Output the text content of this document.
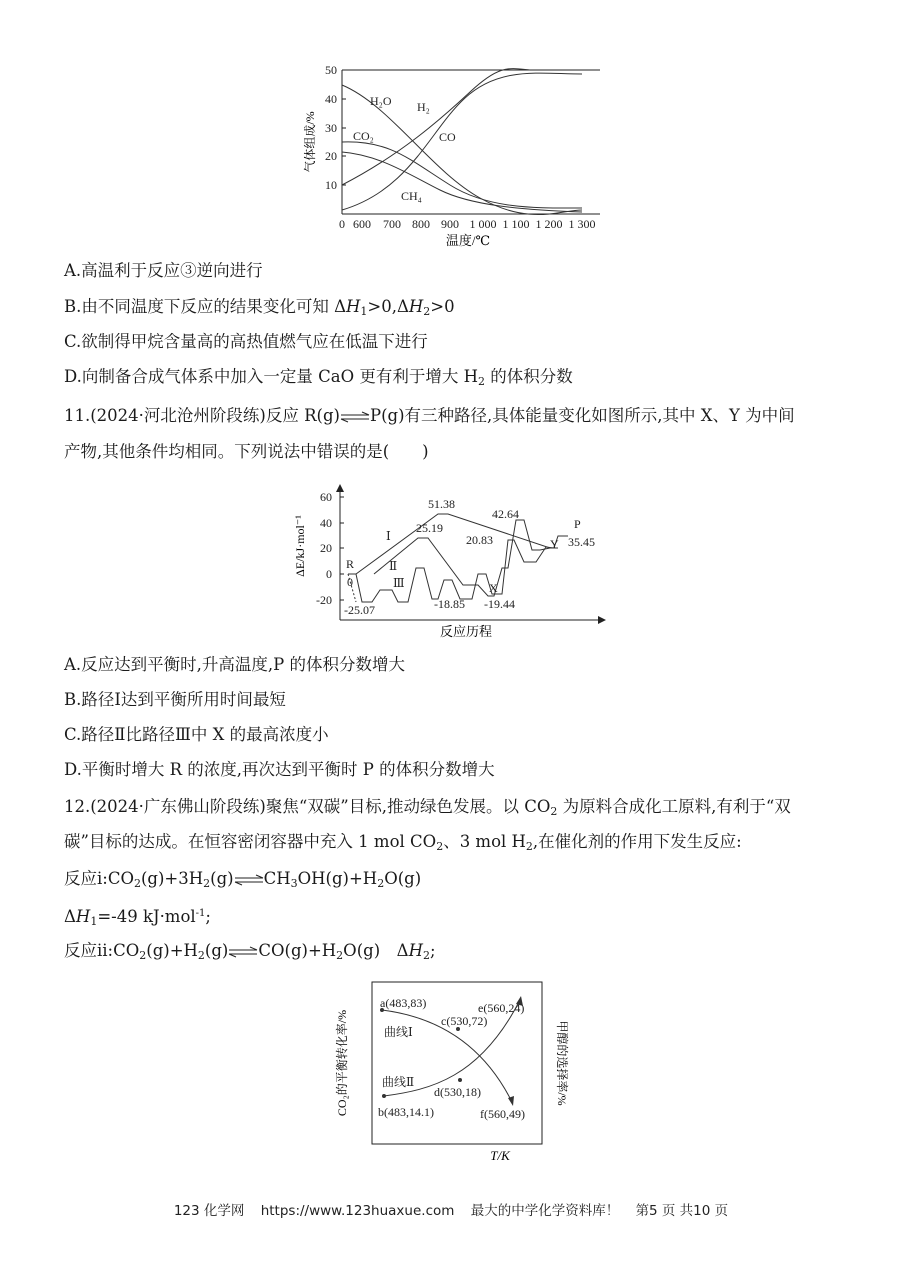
50
40
30
20
10
0 600 700 800 900 1 000 1 100 1 200 1 300
温度/℃
气体组成/%
H₂O H₂
CO₂	CO
CH₄
A.高温利于反应③逆向进行
B.由不同温度下反应的结果变化可知 $\Delta H_1>0,\Delta H_2>0$
C.欲制得甲烷含量高的高热值燃气应在低温下进行
D.向制备合成气体系中加入一定量 CaO 更有利于增大 $H_2$ 的体积分数
11.(2024·河北沧州阶段练)反应 R(g)⇌P(g)有三种路径,具体能量变化如图所示,其中 X、Y 为中间
产物,其他条件均相同。下列说法中错误的是(　　)
60
40
20
0
-20
ΔE/kJ·mol⁻¹
反应历程
R
0
51.38
42.64
25.19
20.83
P
35.45
Y
X
-18.85 -19.44
-25.07
Ⅰ
Ⅱ
Ⅲ
A.反应达到平衡时,升高温度,P 的体积分数增大
B.路径Ⅰ达到平衡所用时间最短
C.路径Ⅱ比路径Ⅲ中 X 的最高浓度小
D.平衡时增大 R 的浓度,再次达到平衡时 P 的体积分数增大
12.(2024·广东佛山阶段练)聚焦“双碳”目标,推动绿色发展。以 $CO_2$ 为原料合成化工原料,有利于“双
碳”目标的达成。在恒容密闭容器中充入 1 mol $CO_2$、3 mol $H_2$,在催化剂的作用下发生反应:
反应$ⅰ:CO_2(g)+3H_2(g)\rightleftharpoons CH_3OH(g)+H_2O(g)$
$\Delta H_1=-49$ kJ·mol$^{-1}$;
反应$ⅱ:CO_2(g)+H_2(g)\rightleftharpoons CO(g)+H_2O(g)$　$\Delta H_2$;
CO₂的平衡转化率/%	甲醇的选择率/%
T/K
a(483,83)	e(560,24)
c(530,72)
曲线Ⅰ
曲线Ⅱ
d(530,18)
b(483,14.1)	f(560,49)
123 化学网 https://www.123huaxue.com 最大的中学化学资料库！ 第5 页 共10 页
